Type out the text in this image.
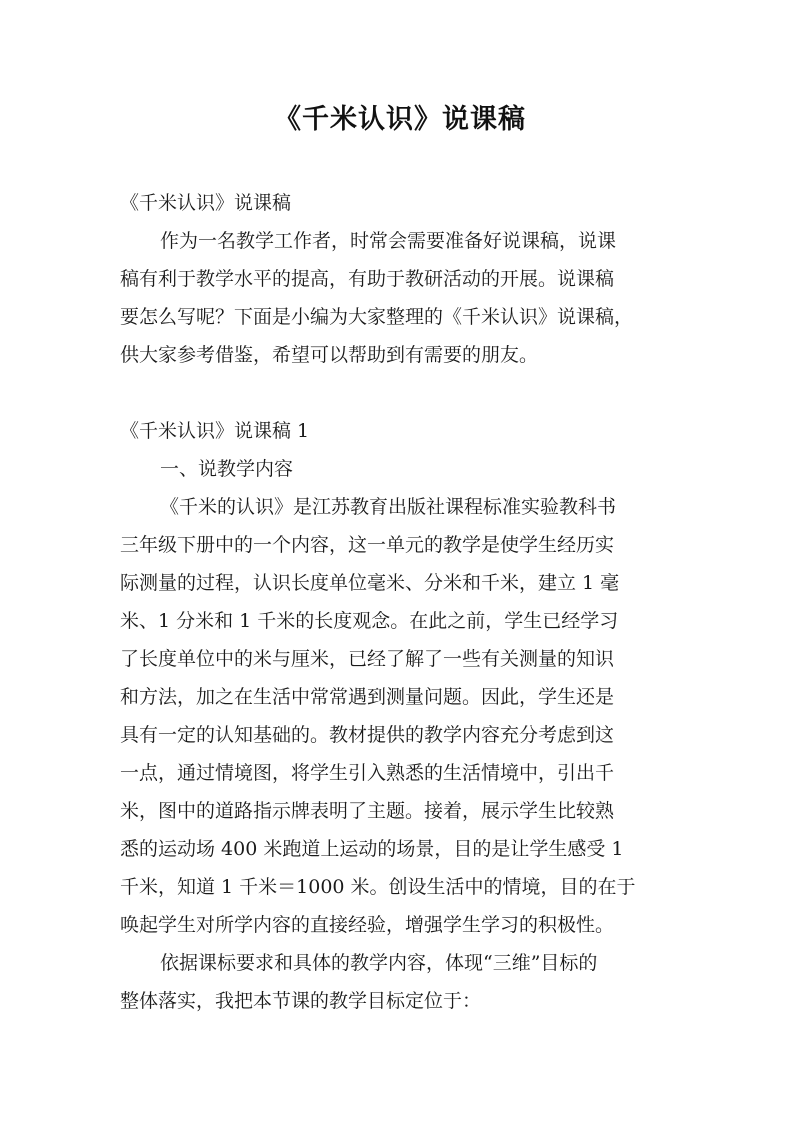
《千米认识》说课稿
《千米认识》说课稿
作为一名教学工作者，时常会需要准备好说课稿，说课
稿有利于教学水平的提高，有助于教研活动的开展。说课稿
要怎么写呢？下面是小编为大家整理的《千米认识》说课稿，
供大家参考借鉴，希望可以帮助到有需要的朋友。
《千米认识》说课稿 1
一、说教学内容
《千米的认识》是江苏教育出版社课程标准实验教科书
三年级下册中的一个内容，这一单元的教学是使学生经历实
际测量的过程，认识长度单位毫米、分米和千米，建立 1 毫
米、1 分米和 1 千米的长度观念。在此之前，学生已经学习
了长度单位中的米与厘米，已经了解了一些有关测量的知识
和方法，加之在生活中常常遇到测量问题。因此，学生还是
具有一定的认知基础的。教材提供的教学内容充分考虑到这
一点，通过情境图，将学生引入熟悉的生活情境中，引出千
米，图中的道路指示牌表明了主题。接着，展示学生比较熟
悉的运动场 400 米跑道上运动的场景，目的是让学生感受 1
千米，知道 1 千米＝1000 米。创设生活中的情境，目的在于
唤起学生对所学内容的直接经验，增强学生学习的积极性。
依据课标要求和具体的教学内容，体现“三维”目标的
整体落实，我把本节课的教学目标定位于：
